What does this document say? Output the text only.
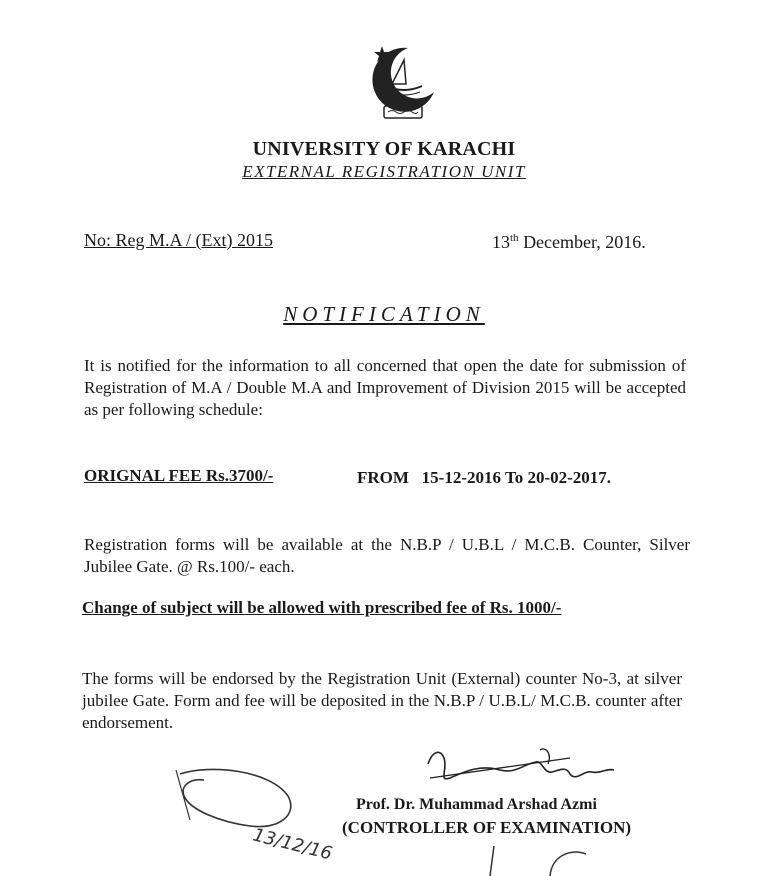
UNIVERSITY OF KARACHI
EXTERNAL REGISTRATION UNIT
No: Reg M.A / (Ext) 2015	13th December, 2016.
NOTIFICATION
It is notified for the information to all concerned that open the date for submission of Registration of M.A / Double M.A and Improvement of Division 2015 will be accepted as per following schedule:
ORIGNAL FEE Rs.3700/-	FROM   15-12-2016 To 20-02-2017.
Registration forms will be available at the N.B.P / U.B.L / M.C.B. Counter, Silver Jubilee Gate. @ Rs.100/- each.
Change of subject will be allowed with prescribed fee of Rs. 1000/-
The forms will be endorsed by the Registration Unit (External) counter No-3, at silver jubilee Gate. Form and fee will be deposited in the N.B.P / U.B.L/ M.C.B. counter after endorsement.
Prof. Dr. Muhammad Arshad Azmi
(CONTROLLER OF EXAMINATION)
13/12/16
